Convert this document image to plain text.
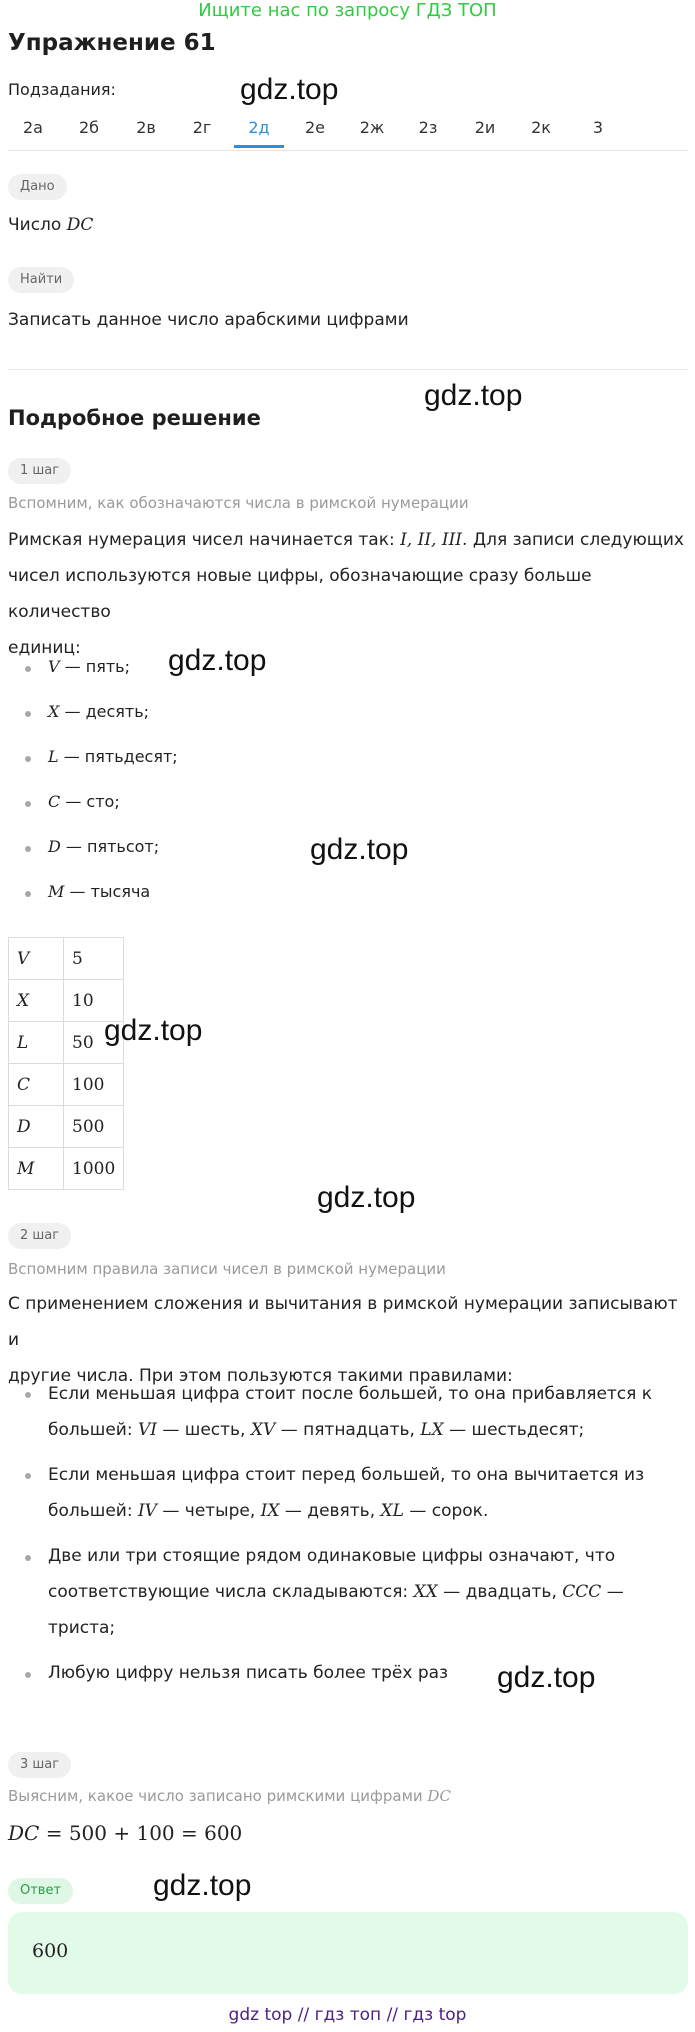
Ищите нас по запросу ГДЗ ТОП
Упражнение 61
Подзадания:
2а	2б	2в	2г	2д	2е	2ж	2з	2и	2к	3
Дано
Число DC
Найти
Записать данное число арабскими цифрами
Подробное решение
1 шаг
Вспомним, как обозначаются числа в римской нумерации
Римская нумерация чисел начинается так: I, II, III. Для записи следующих
чисел используются новые цифры, обозначающие сразу больше количество
единиц:
V — пять;
X — десять;
L — пятьдесят;
C — сто;
D — пятьсот;
M — тысяча
V	5
X	10
L	50
C	100
D	500
M	1000
2 шаг
Вспомним правила записи чисел в римской нумерации
С применением сложения и вычитания в римской нумерации записывают и
другие числа. При этом пользуются такими правилами:
Если меньшая цифра стоит после большей, то она прибавляется к
большей: VI — шесть, XV — пятнадцать, LX — шестьдесят;
Если меньшая цифра стоит перед большей, то она вычитается из
большей: IV — четыре, IX — девять, XL — сорок.
Две или три стоящие рядом одинаковые цифры означают, что
соответствующие числа складываются: XX — двадцать, CCC —
триста;
Любую цифру нельзя писать более трёх раз
3 шаг
Выясним, какое число записано римскими цифрами DC
DC = 500 + 100 = 600
Ответ
600
gdz.top
gdz.top
gdz.top
gdz.top
gdz.top
gdz.top
gdz.top
gdz.top
gdz top // гдз топ // гдз top
